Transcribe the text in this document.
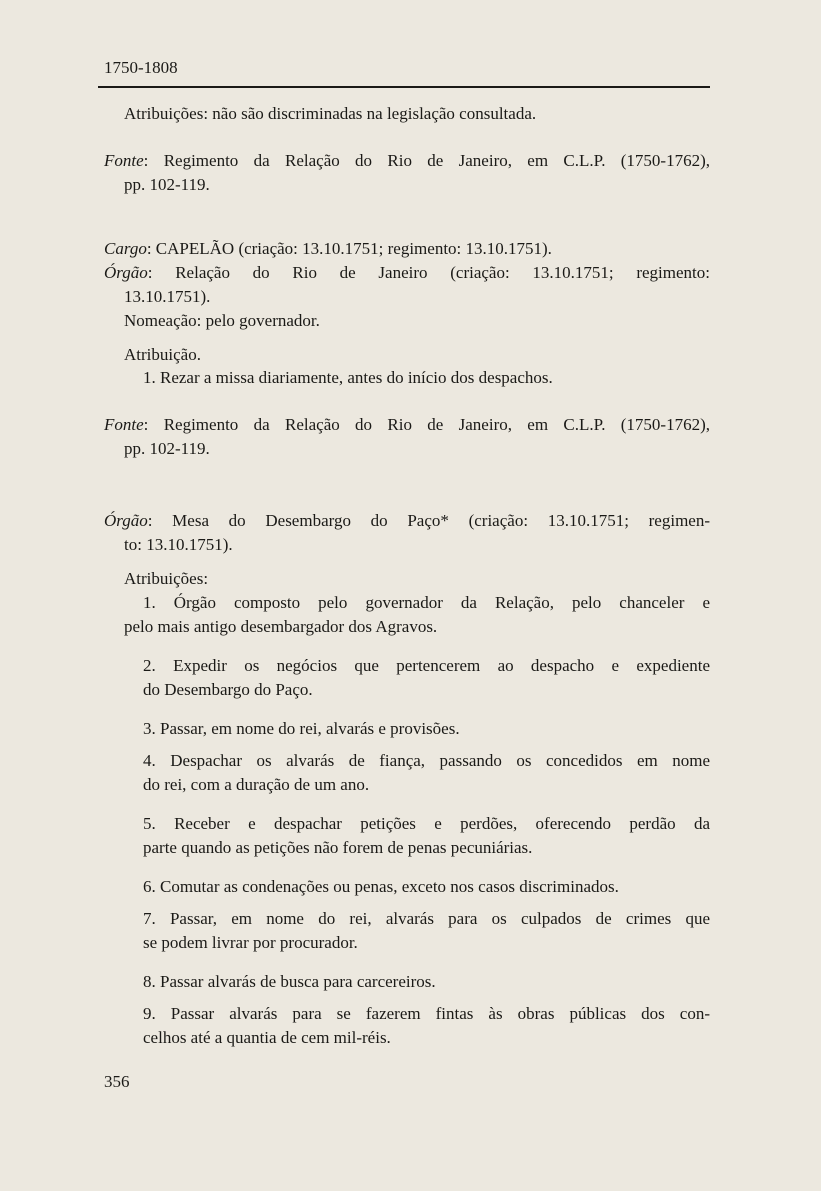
1750-1808
Atribuições: não são discriminadas na legislação consultada.
Fonte: Regimento da Relação do Rio de Janeiro, em C.L.P. (1750-1762),
pp. 102-119.
Cargo: CAPELÃO (criação: 13.10.1751; regimento: 13.10.1751).
Órgão: Relação do Rio de Janeiro (criação: 13.10.1751; regimento:
13.10.1751).
Nomeação: pelo governador.
Atribuição.
1. Rezar a missa diariamente, antes do início dos despachos.
Fonte: Regimento da Relação do Rio de Janeiro, em C.L.P. (1750-1762),
pp. 102-119.
Órgão: Mesa do Desembargo do Paço* (criação: 13.10.1751; regimen-
to: 13.10.1751).
Atribuições:
1. Órgão composto pelo governador da Relação, pelo chanceler e
pelo mais antigo desembargador dos Agravos.
2. Expedir os negócios que pertencerem ao despacho e expediente
do Desembargo do Paço.
3. Passar, em nome do rei, alvarás e provisões.
4. Despachar os alvarás de fiança, passando os concedidos em nome
do rei, com a duração de um ano.
5. Receber e despachar petições e perdões, oferecendo perdão da
parte quando as petições não forem de penas pecuniárias.
6. Comutar as condenações ou penas, exceto nos casos discriminados.
7. Passar, em nome do rei, alvarás para os culpados de crimes que
se podem livrar por procurador.
8. Passar alvarás de busca para carcereiros.
9. Passar alvarás para se fazerem fintas às obras públicas dos con-
celhos até a quantia de cem mil-réis.
356
